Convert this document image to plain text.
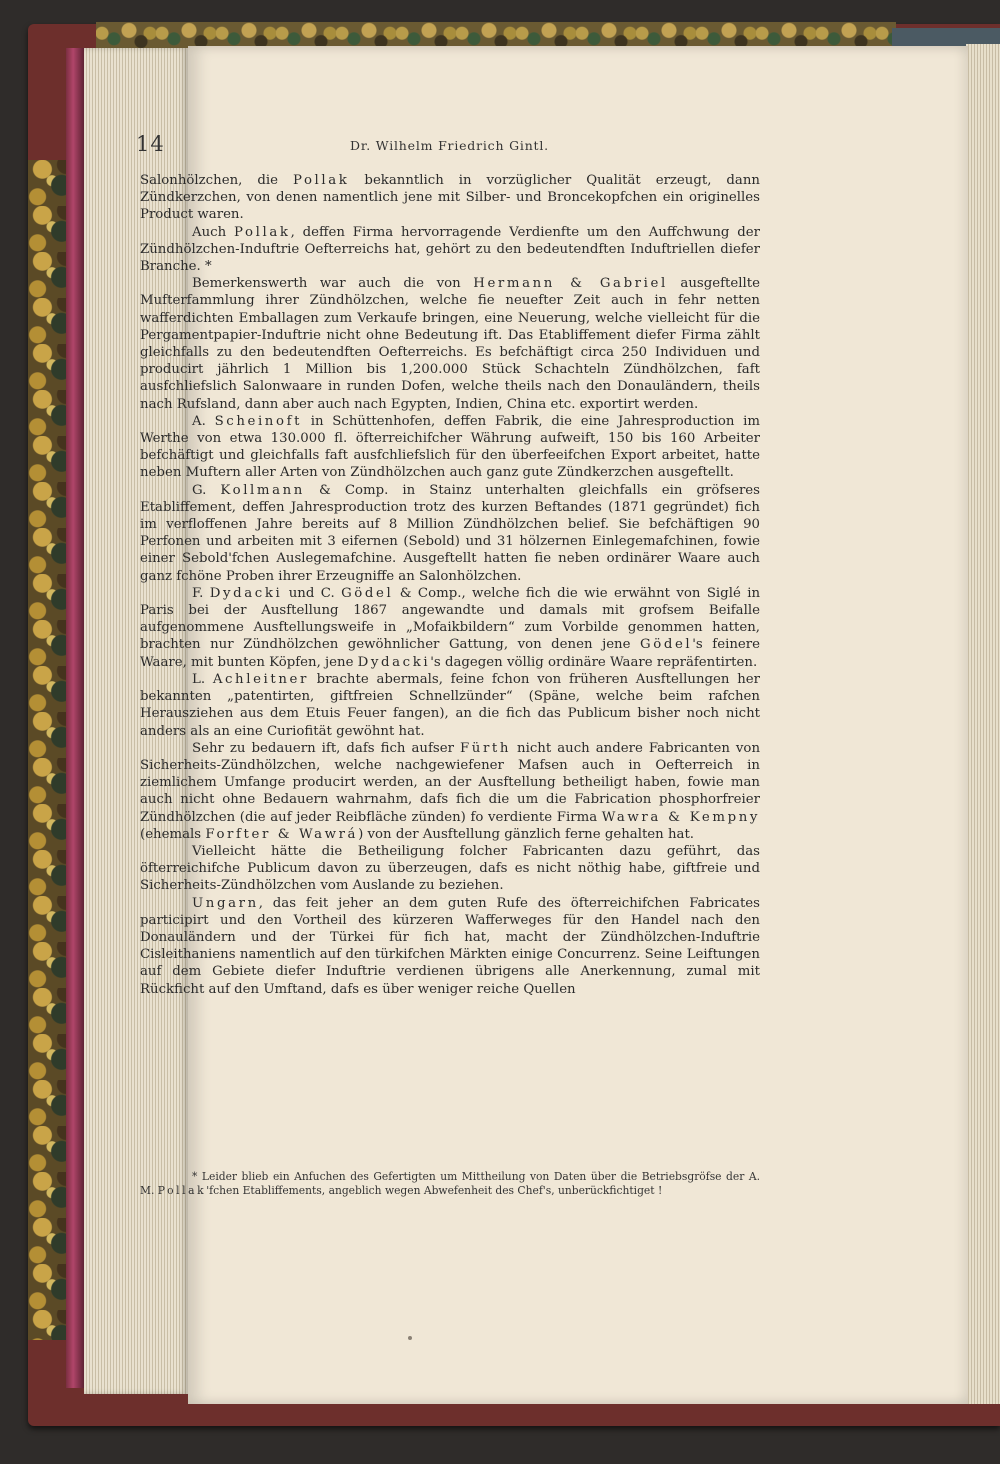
14	Dr. Wilhelm Friedrich Gintl.

Salonhölzchen, die Pollak bekanntlich in vorzüglicher Qualität erzeugt, dann Zündkerzchen, von denen namentlich jene mit Silber- und Broncekopfchen ein originelles Product waren.

Auch Pollak, deffen Firma hervorragende Verdienfte um den Auffchwung der Zündhölzchen-Induftrie Oefterreichs hat, gehört zu den bedeutendften Induftriellen diefer Branche. *

Bemerkenswerth war auch die von Hermann & Gabriel ausgeftellte Mufterfammlung ihrer Zündhölzchen, welche fie neuefter Zeit auch in fehr netten wafferdichten Emballagen zum Verkaufe bringen, eine Neuerung, welche vielleicht für die Pergamentpapier-Induftrie nicht ohne Bedeutung ift. Das Etabliffement diefer Firma zählt gleichfalls zu den bedeutendften Oefterreichs. Es befchäftigt circa 250 Individuen und producirt jährlich 1 Million bis 1,200.000 Stück Schachteln Zündhölzchen, faft ausfchliefslich Salonwaare in runden Dofen, welche theils nach den Donauländern, theils nach Rufsland, dann aber auch nach Egypten, Indien, China etc. exportirt werden.

A. Scheinoft in Schüttenhofen, deffen Fabrik, die eine Jahresproduction im Werthe von etwa 130.000 fl. öfterreichifcher Währung aufweift, 150 bis 160 Arbeiter befchäftigt und gleichfalls faft ausfchliefslich für den überfeeifchen Export arbeitet, hatte neben Muftern aller Arten von Zündhölzchen auch ganz gute Zündkerzchen ausgeftellt.

G. Kollmann & Comp. in Stainz unterhalten gleichfalls ein gröfseres Etabliffement, deffen Jahresproduction trotz des kurzen Beftandes (1871 gegründet) fich im verfloffenen Jahre bereits auf 8 Million Zündhölzchen belief. Sie befchäftigen 90 Perfonen und arbeiten mit 3 eifernen (Sebold) und 31 hölzernen Einlegemafchinen, fowie einer Sebold'fchen Auslegemafchine. Ausgeftellt hatten fie neben ordinärer Waare auch ganz fchöne Proben ihrer Erzeugniffe an Salonhölzchen.

F. Dydacki und C. Gödel & Comp., welche fich die wie erwähnt von Siglé in Paris bei der Ausftellung 1867 angewandte und damals mit grofsem Beifalle aufgenommene Ausftellungsweife in „Mofaikbildern“ zum Vorbilde genommen hatten, brachten nur Zündhölzchen gewöhnlicher Gattung, von denen jene Gödel's feinere Waare, mit bunten Köpfen, jene Dydacki's dagegen völlig ordinäre Waare repräfentirten.

L. Achleitner brachte abermals, feine fchon von früheren Ausftellungen her bekannten „patentirten, giftfreien Schnellzünder“ (Späne, welche beim rafchen Herausziehen aus dem Etuis Feuer fangen), an die fich das Publicum bisher noch nicht anders als an eine Curiofität gewöhnt hat.

Sehr zu bedauern ift, dafs fich aufser Fürth nicht auch andere Fabricanten von Sicherheits-Zündhölzchen, welche nachgewiefener Mafsen auch in Oefterreich in ziemlichem Umfange producirt werden, an der Ausftellung betheiligt haben, fowie man auch nicht ohne Bedauern wahrnahm, dafs fich die um die Fabrication phosphorfreier Zündhölzchen (die auf jeder Reibfläche zünden) fo verdiente Firma Wawra & Kempny (ehemals Forfter & Wawrá) von der Ausftellung gänzlich ferne gehalten hat.

Vielleicht hätte die Betheiligung folcher Fabricanten dazu geführt, das öfterreichifche Publicum davon zu überzeugen, dafs es nicht nöthig habe, giftfreie und Sicherheits-Zündhölzchen vom Auslande zu beziehen.

Ungarn, das feit jeher an dem guten Rufe des öfterreichifchen Fabricates participirt und den Vortheil des kürzeren Wafferweges für den Handel nach den Donauländern und der Türkei für fich hat, macht der Zündhölzchen-Induftrie Cisleithaniens namentlich auf den türkifchen Märkten einige Concurrenz. Seine Leiftungen auf dem Gebiete diefer Induftrie verdienen übrigens alle Anerkennung, zumal mit Rückficht auf den Umftand, dafs es über weniger reiche Quellen

* Leider blieb ein Anfuchen des Gefertigten um Mittheilung von Daten über die Betriebsgröfse der A. M. Pollak'fchen Etabliffements, angeblich wegen Abwefenheit des Chef's, unberückfichtiget !
